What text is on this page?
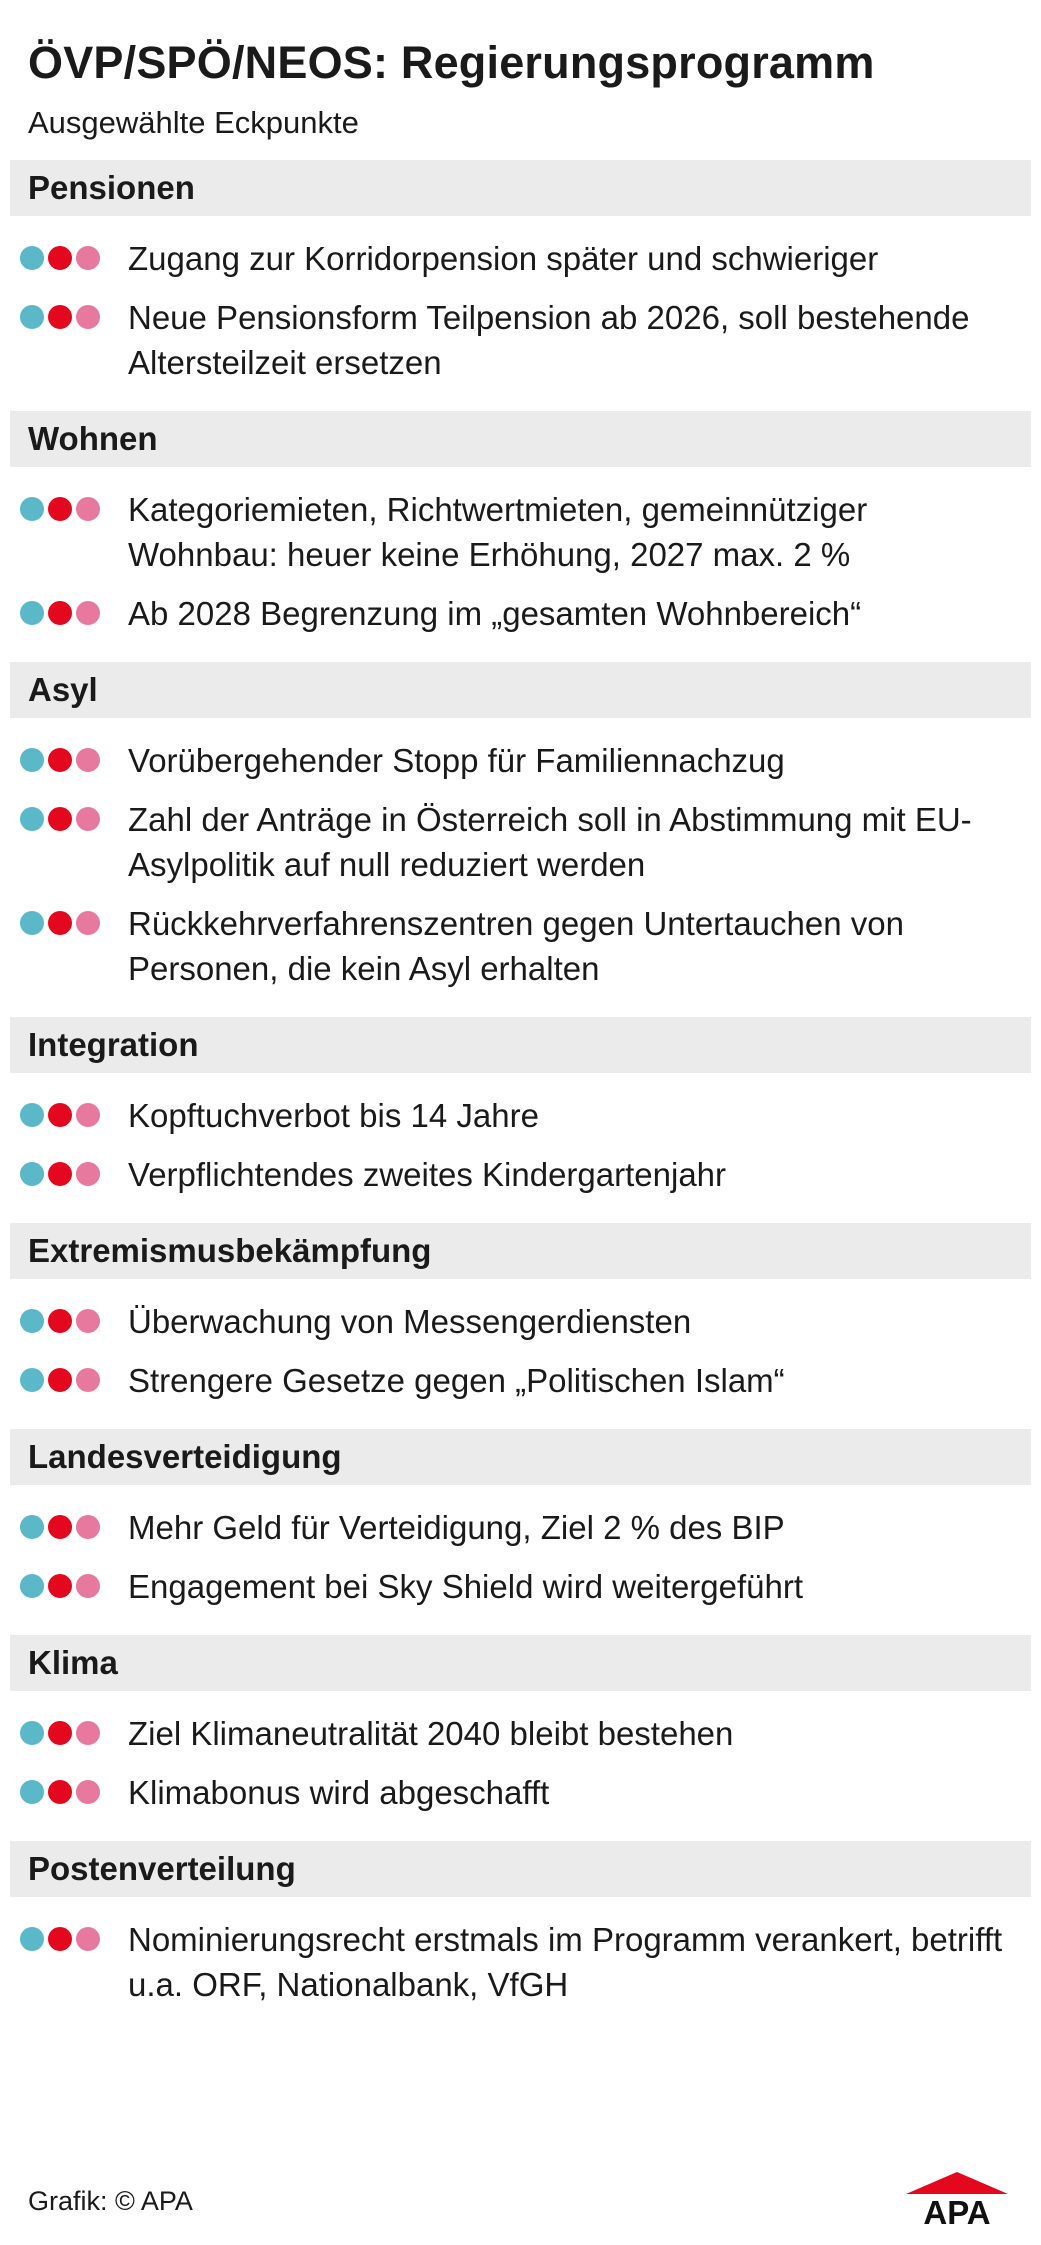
ÖVP/SPÖ/NEOS: Regierungsprogramm
Ausgewählte Eckpunkte
Pensionen
Zugang zur Korridorpension später und schwieriger
Neue Pensionsform Teilpension ab 2026, soll bestehende Altersteilzeit ersetzen
Wohnen
Kategoriemieten, Richtwertmieten, gemeinnütziger Wohnbau: heuer keine Erhöhung, 2027 max. 2 %
Ab 2028 Begrenzung im „gesamten Wohnbereich“
Asyl
Vorübergehender Stopp für Familiennachzug
Zahl der Anträge in Österreich soll in Abstimmung mit EU-Asylpolitik auf null reduziert werden
Rückkehrverfahrenszentren gegen Untertauchen von Personen, die kein Asyl erhalten
Integration
Kopftuchverbot bis 14 Jahre
Verpflichtendes zweites Kindergartenjahr
Extremismusbekämpfung
Überwachung von Messengerdiensten
Strengere Gesetze gegen „Politischen Islam“
Landesverteidigung
Mehr Geld für Verteidigung, Ziel 2 % des BIP
Engagement bei Sky Shield wird weitergeführt
Klima
Ziel Klimaneutralität 2040 bleibt bestehen
Klimabonus wird abgeschafft
Postenverteilung
Nominierungsrecht erstmals im Programm verankert, betrifft u.a. ORF, Nationalbank, VfGH
Grafik: © APA	APA
